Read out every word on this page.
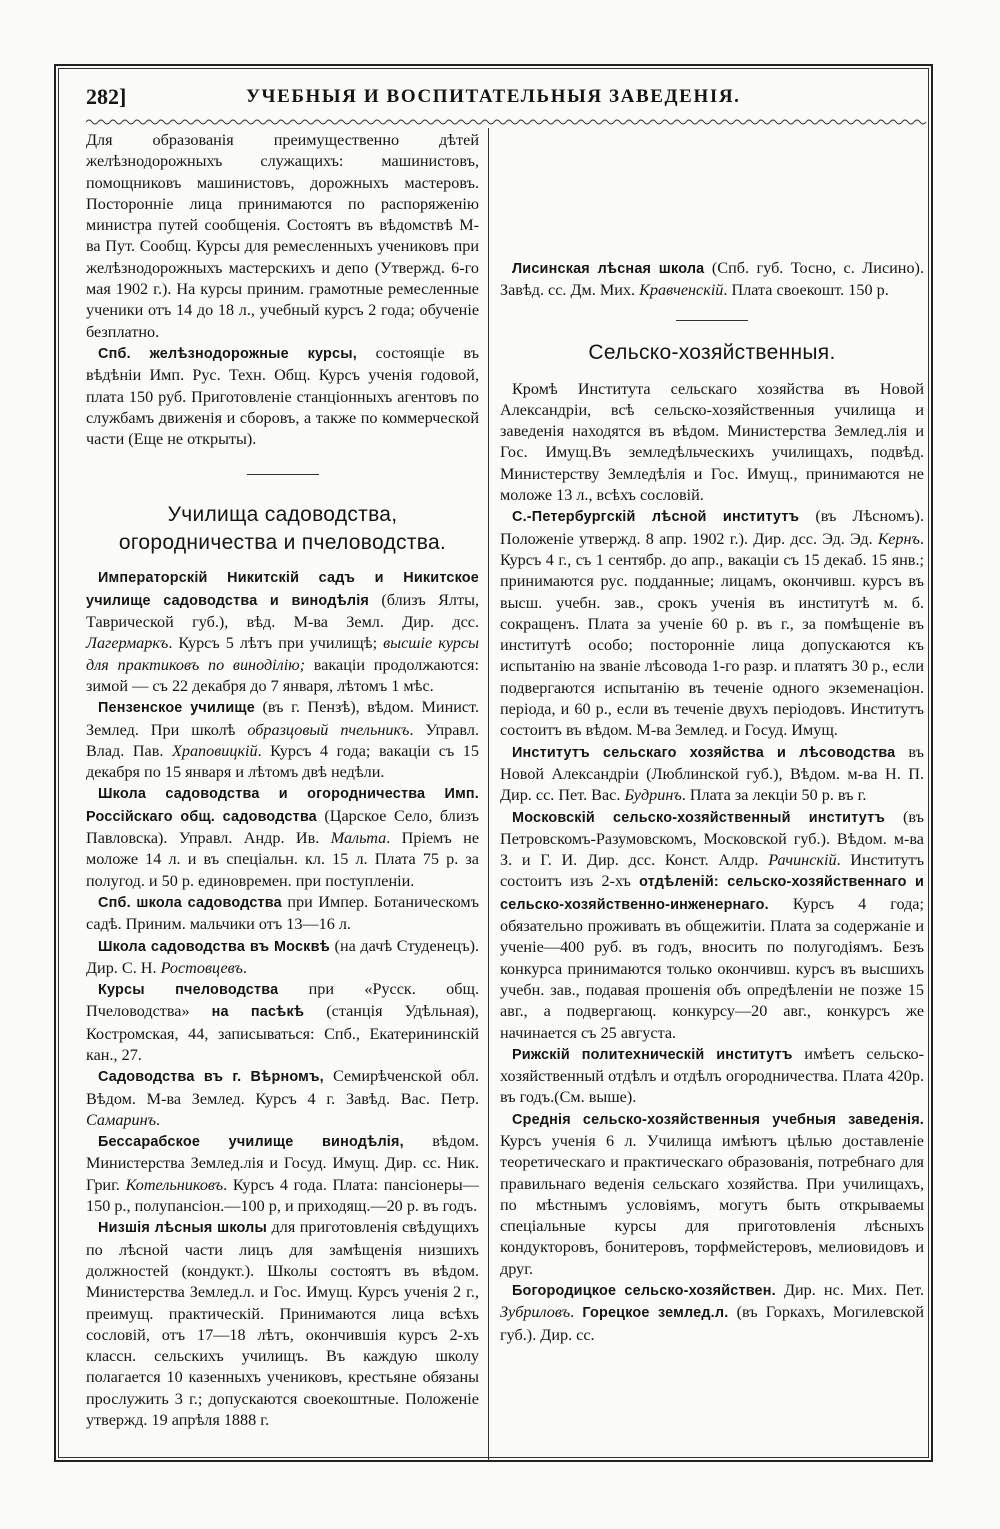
282]	УЧЕБНЫЯ И ВОСПИТАТЕЛЬНЫЯ ЗАВЕДЕНІЯ.

Для образованія преимущественно дѣтей желѣзнодорожныхъ служащихъ: машинистовъ, помощниковъ машинистовъ, дорожныхъ мастеровъ. Посторонніе лица принимаются по распоряженію министра путей сообщенія. Состоятъ въ вѣдомствѣ М-ва Пут. Сообщ. Курсы для ремесленныхъ учениковъ при желѣзнодорожныхъ мастерскихъ и депо (Утвержд. 6-го мая 1902 г.). На курсы приним. грамотные ремесленные ученики отъ 14 до 18 л., учебный курсъ 2 года; обученіе безплатно.

Спб. желѣзнодорожные курсы, состоящіе въ вѣдѣніи Имп. Рус. Техн. Общ. Курсъ ученія годовой, плата 150 руб. Приготовленіе станціонныхъ агентовъ по службамъ движенія и сборовъ, а также по коммерческой части (Еще не открыты).

Училища садоводства, огородничества и пчеловодства.

Императорскій Никитскій садъ и Никитское училище садоводства и винодѣлія (близъ Ялты, Таврической губ.), вѣд. М-ва Земл. Дир. дсс. Лагермаркъ. Курсъ 5 лѣтъ при училищѣ; высшіе курсы для практиковъ по виноділію; вакаціи продолжаются: зимой — съ 22 декабря до 7 января, лѣтомъ 1 мѣс.

Пензенское училище (въ г. Пензѣ), вѣдом. Минист. Землед. При школѣ образцовый пчельникъ. Управл. Влад. Пав. Храповицкій. Курсъ 4 года; вакаціи съ 15 декабря по 15 января и лѣтомъ двѣ недѣли.

Школа садоводства и огородничества Имп. Россійскаго общ. садоводства (Царское Село, близъ Павловска). Управл. Андр. Ив. Мальта. Пріемъ не моложе 14 л. и въ спеціальн. кл. 15 л. Плата 75 р. за полугод. и 50 р. единовремен. при поступленіи.

Спб. школа садоводства при Импер. Ботаническомъ садѣ. Приним. мальчики отъ 13—16 л.

Школа садоводства въ Москвѣ (на дачѣ Студенецъ). Дир. С. Н. Ростовцевъ.

Курсы пчеловодства при «Русск. общ. Пчеловодства» на пасѣкѣ (станція Удѣльная), Костромская, 44, записываться: Спб., Екатерининскій кан., 27.

Садоводства въ г. Вѣрномъ, Семирѣченской обл. Вѣдом. М-ва Землед. Курсъ 4 г. Завѣд. Вас. Петр. Самаринъ.

Бессарабское училище винодѣлія, вѣдом. Министерства Землед.лія и Госуд. Имущ. Дир. сс. Ник. Григ. Котельниковъ. Курсъ 4 года. Плата: пансіонеры—150 р., полупансіон.—100 р, и приходящ.—20 р. въ годъ.

Низшія лѣсныя школы для приготовленія свѣдущихъ по лѣсной части лицъ для замѣщенія низшихъ должностей (кондукт.). Школы состоятъ въ вѣдом. Министерства Землед.л. и Гос. Имущ. Курсъ ученія 2 г., преимущ. практическій. Принимаются лица всѣхъ сословій, отъ 17—18 лѣтъ, окончившія курсъ 2-хъ классн. сельскихъ училищъ. Въ каждую школу полагается 10 казенныхъ учениковъ, крестьяне обязаны прослужить 3 г.; допускаются своекоштные. Положеніе утвержд. 19 апрѣля 1888 г.

Лисинская лѣсная школа (Спб. губ. Тосно, с. Лисино). Завѣд. сс. Дм. Мих. Кравченскій. Плата своекошт. 150 р.

Сельско-хозяйственныя.

Кромѣ Института сельскаго хозяйства въ Новой Александріи, всѣ сельско-хозяйственныя училища и заведенія находятся въ вѣдом. Министерства Землед.лія и Гос. Имущ.Въ земледѣльческихъ училищахъ, подвѣд. Министерству Земледѣлія и Гос. Имущ., принимаются не моложе 13 л., всѣхъ сословій.

С.-Петербургскій лѣсной институтъ (въ Лѣсномъ). Положеніе утвержд. 8 апр. 1902 г.). Дир. дсс. Эд. Эд. Кернъ. Курсъ 4 г., съ 1 сентябр. до апр., вакаціи съ 15 декаб. 15 янв.; принимаются рус. подданные; лицамъ, окончивш. курсъ въ высш. учебн. зав., срокъ ученія въ институтѣ м. б. сокращенъ. Плата за ученіе 60 р. въ г., за помѣщеніе въ институтѣ особо; посторонніе лица допускаются къ испытанію на званіе лѣсовода 1-го разр. и платятъ 30 р., если подвергаются испытанію въ теченіе одного экземенаціон. періода, и 60 р., если въ теченіе двухъ періодовъ. Институтъ состоитъ въ вѣдом. М-ва Землед. и Госуд. Имущ.

Институтъ сельскаго хозяйства и лѣсоводства въ Новой Александріи (Люблинской губ.), Вѣдом. м-ва Н. П. Дир. сс. Пет. Вас. Будринъ. Плата за лекціи 50 р. въ г.

Московскій сельско-хозяйственный институтъ (въ Петровскомъ-Разумовскомъ, Московской губ.). Вѣдом. м-ва З. и Г. И. Дир. дсс. Конст. Алдр. Рачинскій. Институтъ состоитъ изъ 2-хъ отдѣленій: сельско-хозяйственнаго и сельско-хозяйственно-инженернаго. Курсъ 4 года; обязательно проживать въ общежитіи. Плата за содержаніе и ученіе—400 руб. въ годъ, вносить по полугодіямъ. Безъ конкурса принимаются только окончивш. курсъ въ высшихъ учебн. зав., подавая прошенія объ опредѣленіи не позже 15 авг., а подвергающ. конкурсу—20 авг., конкурсъ же начинается съ 25 августа.

Рижскій политехническій институтъ имѣетъ сельско-хозяйственный отдѣлъ и отдѣлъ огородничества. Плата 420р. въ годъ.(См. выше).

Среднія сельско-хозяйственныя учебныя заведенія. Курсъ ученія 6 л. Училища имѣютъ цѣлью доставленіе теоретическаго и практическаго образованія, потребнаго для правильнаго веденія сельскаго хозяйства. При училищахъ, по мѣстнымъ условіямъ, могутъ быть открываемы спеціальные курсы для приготовленія лѣсныхъ кондукторовъ, бонитеровъ, торфмейстеровъ, мелиовидовъ и друг.

Богородицкое сельско-хозяйствен. Дир. нс. Мих. Пет. Зубриловъ. Горецкое землед.л. (въ Горкахъ, Могилевской губ.). Дир. сс.
